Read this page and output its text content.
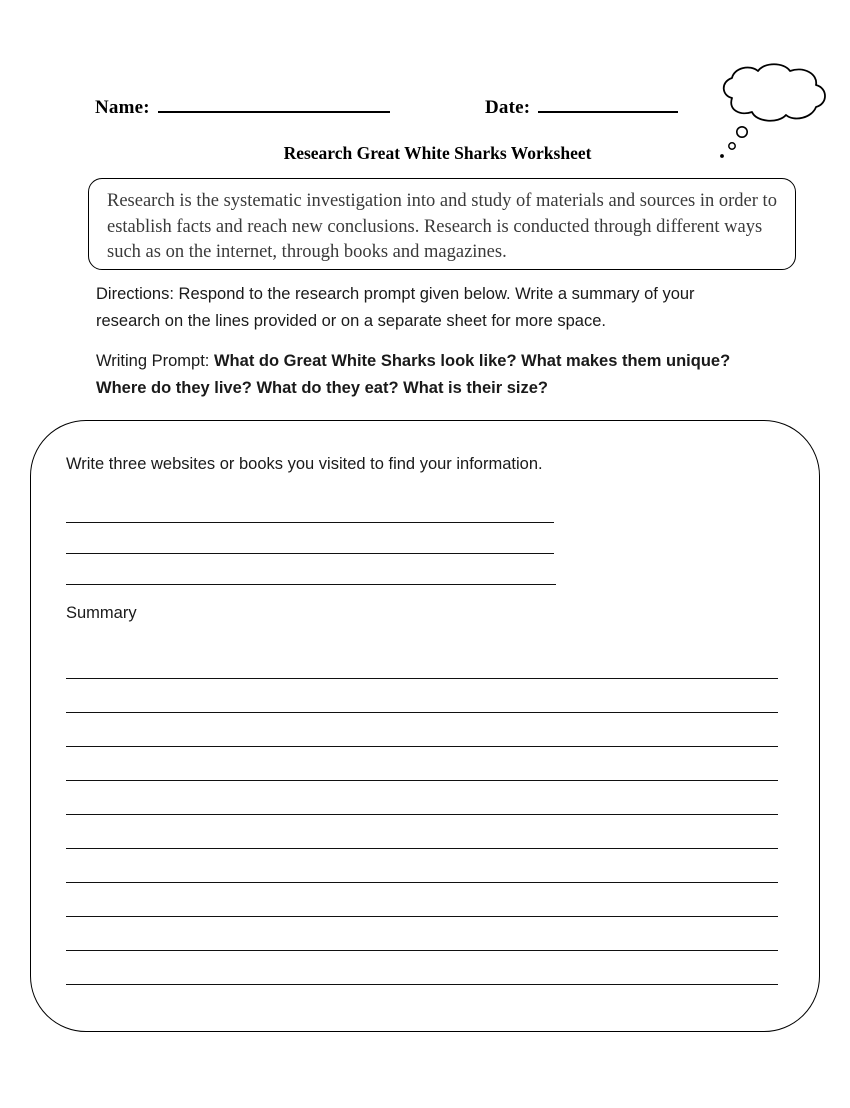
Name:	Date:
Research Great White Sharks Worksheet
Research is the systematic investigation into and study of materials and sources in order to establish facts and reach new conclusions. Research is conducted through different ways such as on the internet, through books and magazines.
Directions: Respond to the research prompt given below. Write a summary of your research on the lines provided or on a separate sheet for more space.
Writing Prompt: What do Great White Sharks look like? What makes them unique? Where do they live? What do they eat? What is their size?
Write three websites or books you visited to find your information.
Summary
